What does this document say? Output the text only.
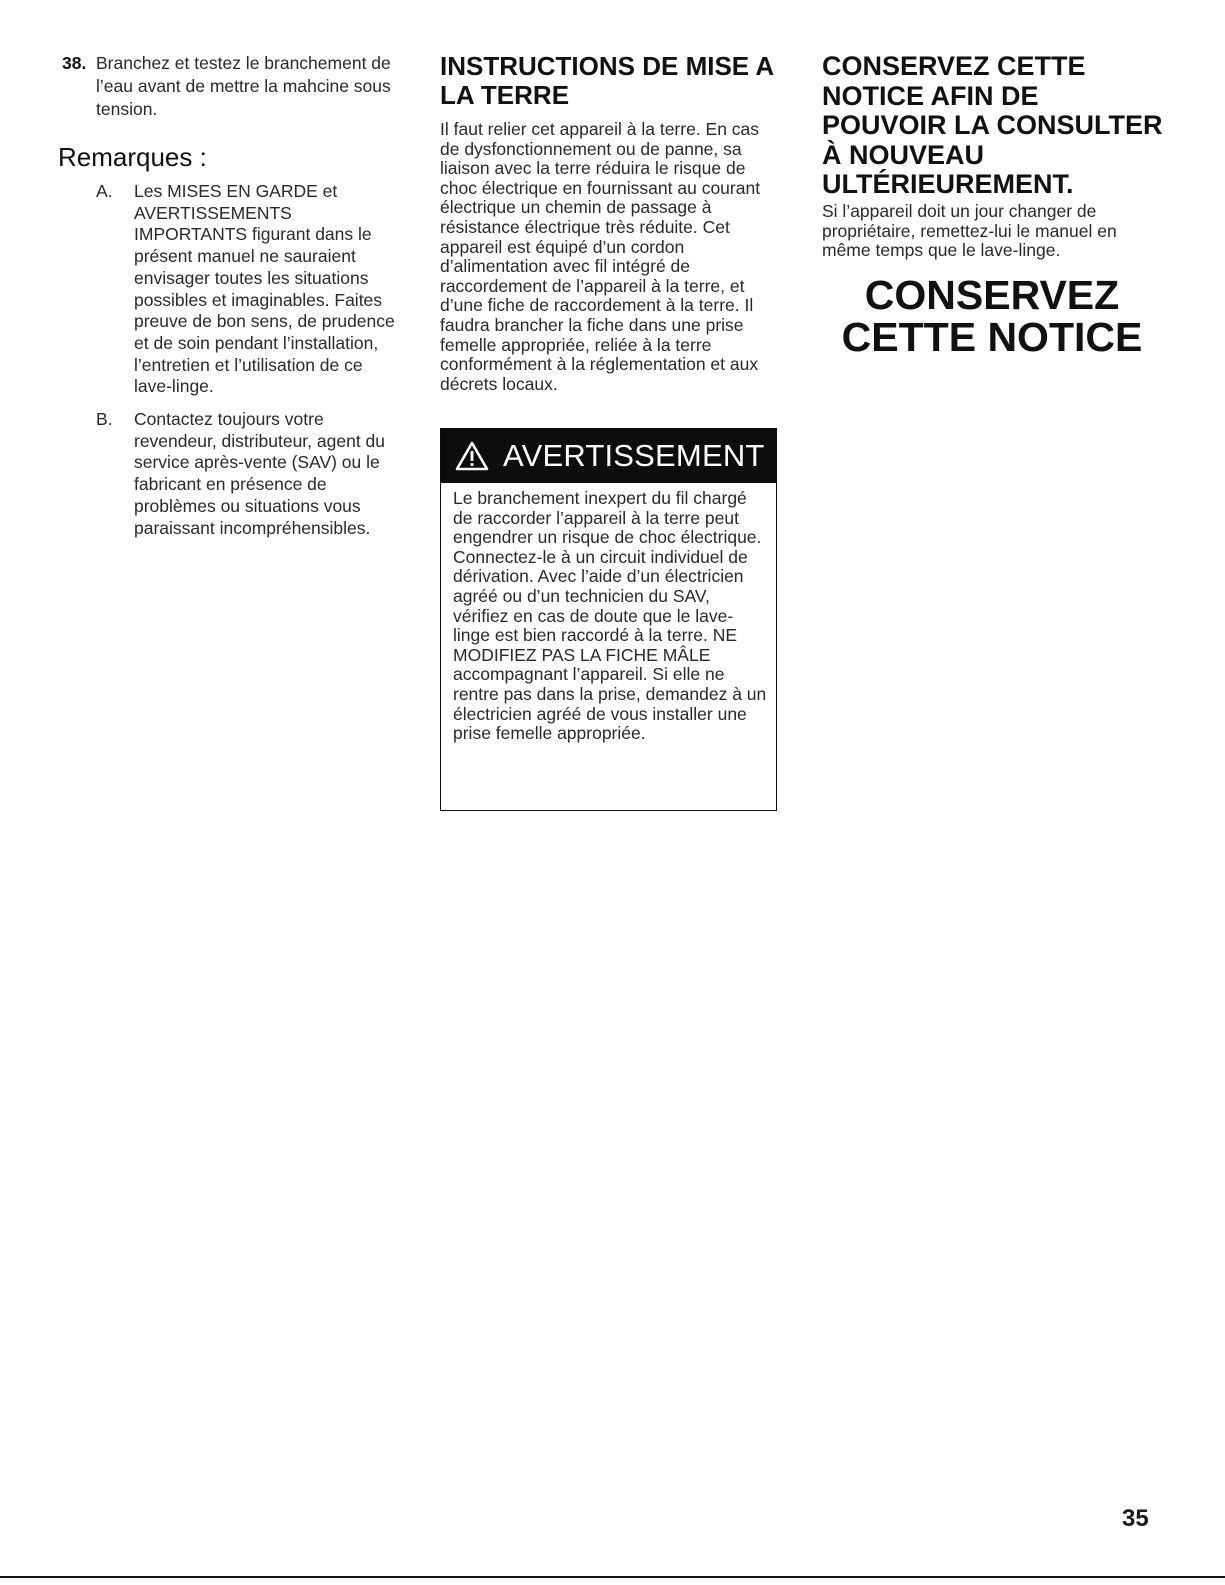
38. Branchez et testez le branchement de l’eau avant de mettre la mahcine sous tension.
Remarques :
A. Les MISES EN GARDE et AVERTISSEMENTS IMPORTANTS figurant dans le présent manuel ne sauraient envisager toutes les situations possibles et imaginables. Faites preuve de bon sens, de prudence et de soin pendant l’installation, l’entretien et l’utilisation de ce lave-linge.
B. Contactez toujours votre revendeur, distributeur, agent du service après-vente (SAV) ou le fabricant en présence de problèmes ou situations vous paraissant incompréhensibles.
INSTRUCTIONS DE MISE A LA TERRE
Il faut relier cet appareil à la terre. En cas de dysfonctionnement ou de panne, sa liaison avec la terre réduira le risque de choc électrique en fournissant au courant électrique un chemin de passage à résistance électrique très réduite. Cet appareil est équipé d’un cordon d’alimentation avec fil intégré de raccordement de l’appareil à la terre, et d’une fiche de raccordement à la terre. Il faudra brancher la fiche dans une prise femelle appropriée, reliée à la terre conformément à la réglementation et aux décrets locaux.
AVERTISSEMENT
Le branchement inexpert du fil chargé de raccorder l’appareil à la terre peut engendrer un risque de choc électrique. Connectez-le à un circuit individuel de dérivation. Avec l’aide d’un électricien agréé ou d’un technicien du SAV, vérifiez en cas de doute que le lave-linge est bien raccordé à la terre. NE MODIFIEZ PAS LA FICHE MÂLE accompagnant l’appareil. Si elle ne rentre pas dans la prise, demandez à un électricien agréé de vous installer une prise femelle appropriée.
CONSERVEZ CETTE NOTICE AFIN DE POUVOIR LA CONSULTER À NOUVEAU ULTÉRIEUREMENT.
Si l’appareil doit un jour changer de propriétaire, remettez-lui le manuel en même temps que le lave-linge.
CONSERVEZ
CETTE NOTICE
35
